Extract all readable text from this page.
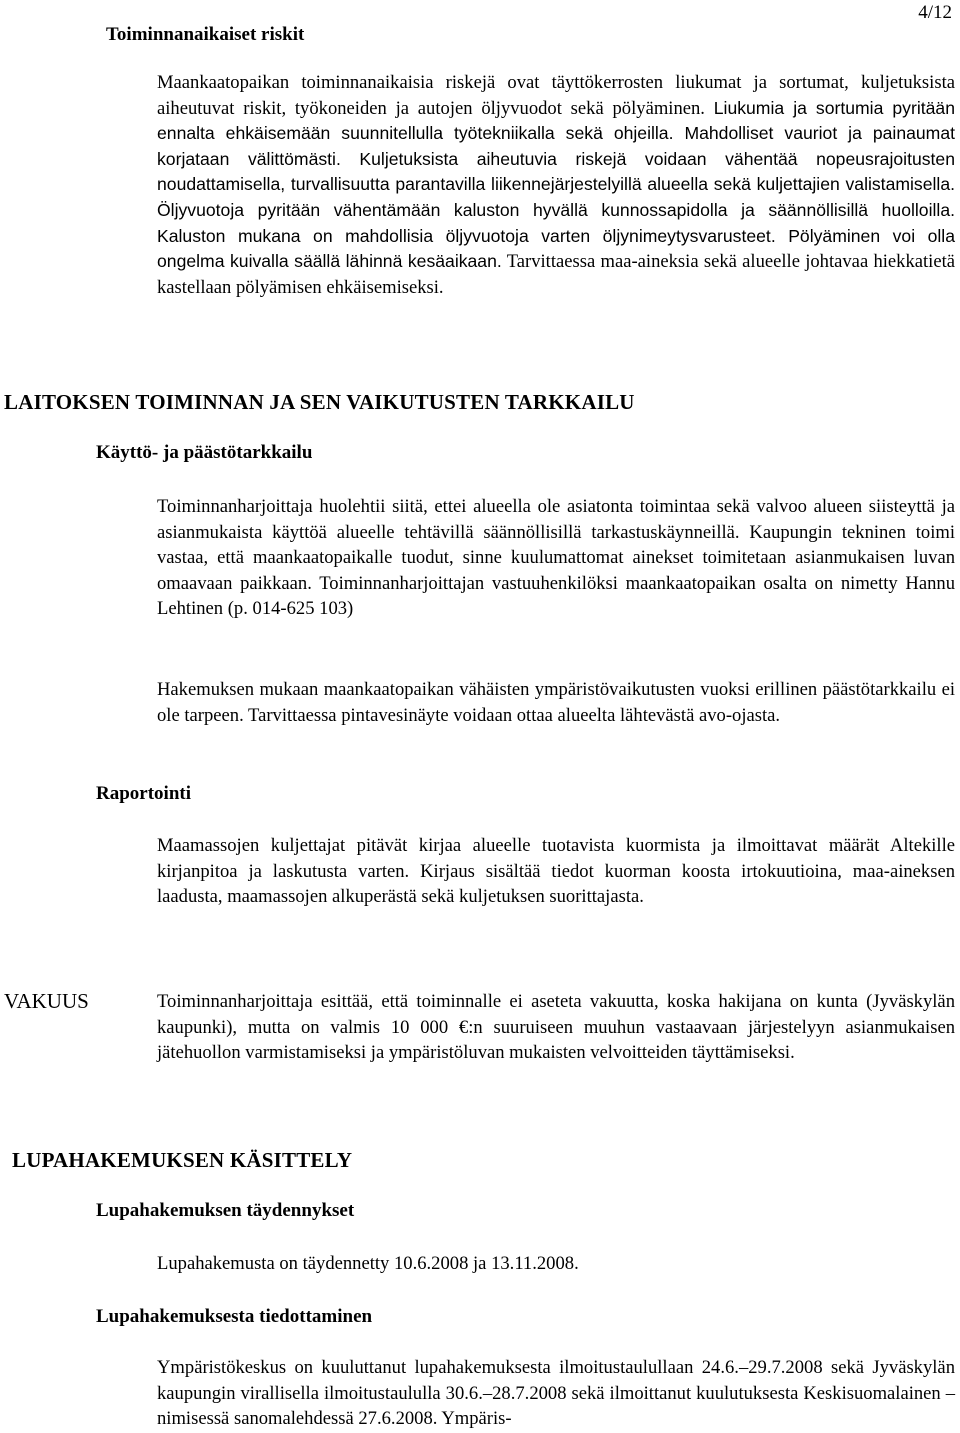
4/12
Toiminnanaikaiset riskit

Maankaatopaikan toiminnanaikaisia riskejä ovat täyttökerrosten liukumat ja sortumat, kuljetuksista aiheutuvat riskit, työkoneiden ja autojen öljyvuodot sekä pölyäminen. Liukumia ja sortumia pyritään ennalta ehkäisemään suunnitellulla työtekniikalla sekä ohjeilla. Mahdolliset vauriot ja painaumat korjataan välittömästi. Kuljetuksista aiheutuvia riskejä voidaan vähentää nopeusrajoitusten noudattamisella, turvallisuutta parantavilla liikennejärjestelyillä alueella sekä kuljettajien valistamisella. Öljyvuotoja pyritään vähentämään kaluston hyvällä kunnossapidolla ja säännöllisillä huolloilla. Kaluston mukana on mahdollisia öljyvuotoja varten öljynimeytysvarusteet. Pölyäminen voi olla ongelma kuivalla säällä lähinnä kesäaikaan. Tarvittaessa maa-aineksia sekä alueelle johtavaa hiekkatietä kastellaan pölyämisen ehkäisemiseksi.

LAITOKSEN TOIMINNAN JA SEN VAIKUTUSTEN TARKKAILU
Käyttö- ja päästötarkkailu

Toiminnanharjoittaja huolehtii siitä, ettei alueella ole asiatonta toimintaa sekä valvoo alueen siisteyttä ja asianmukaista käyttöä alueelle tehtävillä säännöllisillä tarkastuskäynneillä. Kaupungin tekninen toimi vastaa, että maankaatopaikalle tuodut, sinne kuulumattomat ainekset toimitetaan asianmukaisen luvan omaavaan paikkaan. Toiminnanharjoittajan vastuuhenkilöksi maankaatopaikan osalta on nimetty Hannu Lehtinen (p. 014-625 103)

Hakemuksen mukaan maankaatopaikan vähäisten ympäristövaikutusten vuoksi erillinen päästötarkkailu ei ole tarpeen. Tarvittaessa pintavesinäyte voidaan ottaa alueelta lähtevästä avo-ojasta.

Raportointi

Maamassojen kuljettajat pitävät kirjaa alueelle tuotavista kuormista ja ilmoittavat määrät Altekille kirjanpitoa ja laskutusta varten. Kirjaus sisältää tiedot kuorman koosta irtokuutioina, maa-aineksen laadusta, maamassojen alkuperästä sekä kuljetuksen suorittajasta.

VAKUUS	Toiminnanharjoittaja esittää, että toiminnalle ei aseteta vakuutta, koska hakijana on kunta (Jyväskylän kaupunki), mutta on valmis 10 000 €:n suuruiseen muuhun vastaavaan järjestelyyn asianmukaisen jätehuollon varmistamiseksi ja ympäristöluvan mukaisten velvoitteiden täyttämiseksi.

LUPAHAKEMUKSEN KÄSITTELY
Lupahakemuksen täydennykset

Lupahakemusta on täydennetty 10.6.2008 ja 13.11.2008.

Lupahakemuksesta tiedottaminen

Ympäristökeskus on kuuluttanut lupahakemuksesta ilmoitustaulullaan 24.6.–29.7.2008 sekä Jyväskylän kaupungin virallisella ilmoitustaululla 30.6.–28.7.2008 sekä ilmoittanut kuulutuksesta Keskisuomalainen –nimisessä sanomalehdessä 27.6.2008. Ympäris-
